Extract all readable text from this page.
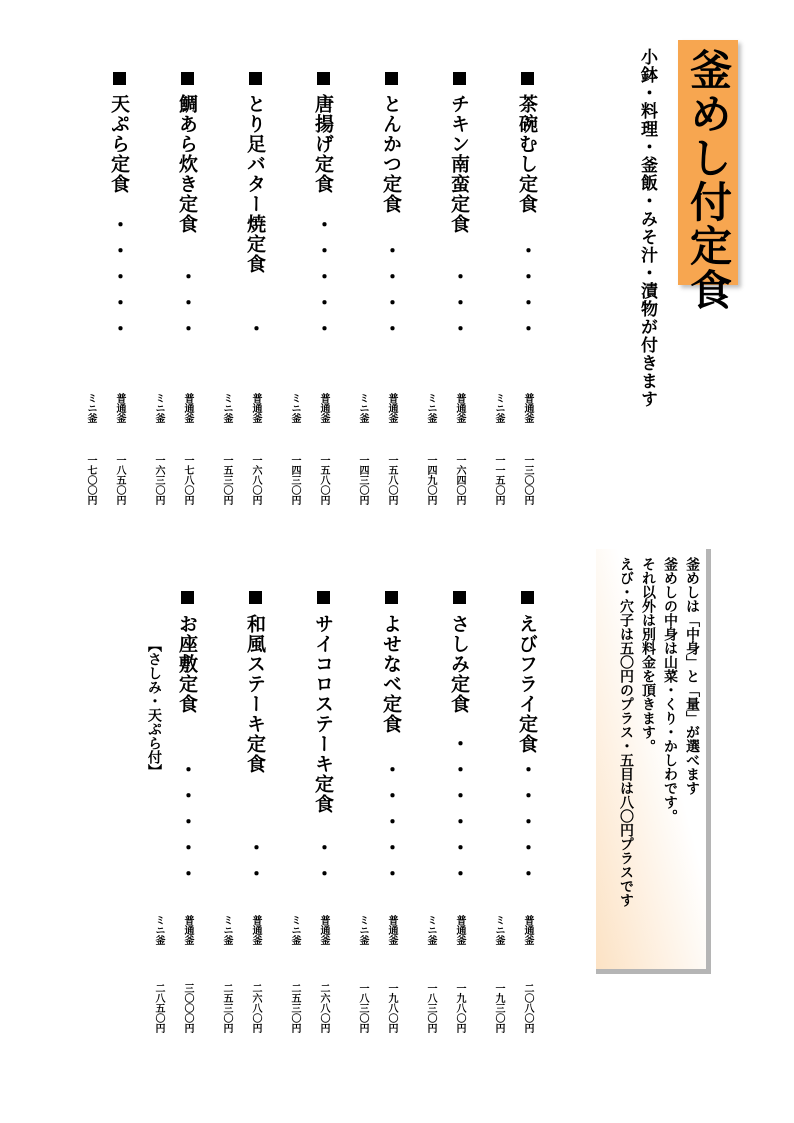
釜めし付定食
小鉢・料理・釜飯・みそ汁・漬物が付きます
釜めしは「中身」と「量」が選べます
釜めしの中身は山菜・くり・かしわです。
それ以外は別料金を頂きます。
えび・穴子は五〇円のプラス・五目は八〇円プラスです
茶碗むし定食
・・・・
普通釜
ミニ釜
一三〇〇円
一一五〇円
チキン南蛮定食
・・・
普通釜
ミニ釜
一六四〇円
一四九〇円
とんかつ定食
・・・・
普通釜
ミニ釜
一五八〇円
一四三〇円
唐揚げ定食
・・・・・
普通釜
ミニ釜
一五八〇円
一四三〇円
とり足バター焼定食
・
普通釜
ミニ釜
一六八〇円
一五三〇円
鯛あら炊き定食
・・・
普通釜
ミニ釜
一七八〇円
一六三〇円
天ぷら定食
・・・・・
普通釜
ミニ釜
一八五〇円
一七〇〇円
えびフライ定食
・・・・・
普通釜
ミニ釜
二〇八〇円
一九三〇円
さしみ定食
・・・・・・
普通釜
ミニ釜
一九八〇円
一八三〇円
よせなべ定食
・・・・・
普通釜
ミニ釜
一九八〇円
一八三〇円
サイコロステーキ定食
・・
普通釜
ミニ釜
二六八〇円
二五三〇円
和風ステーキ定食
・・
普通釜
ミニ釜
二六八〇円
二五三〇円
お座敷定食
・・・・・
普通釜
ミニ釜
三〇〇〇円
二八五〇円
【さしみ・天ぷら付】
